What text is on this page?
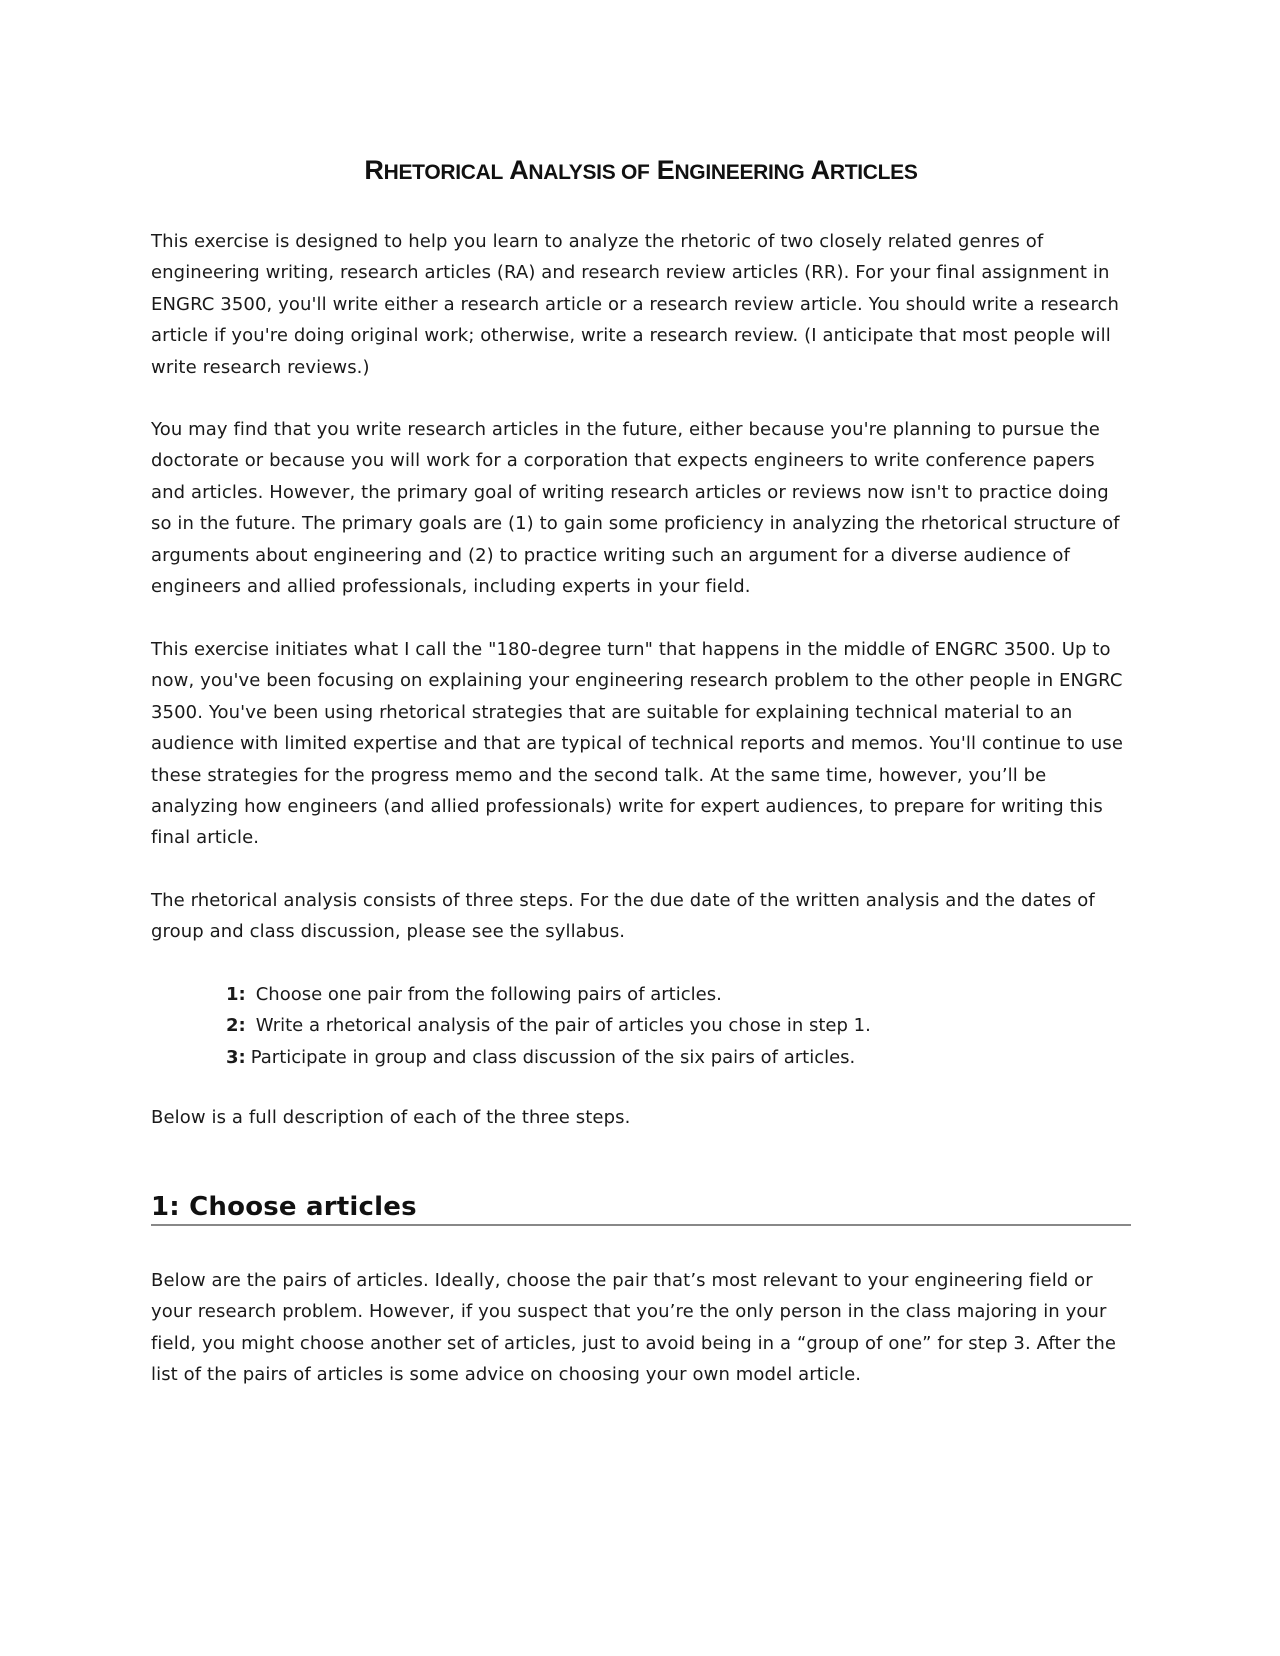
RHETORICAL ANALYSIS OF ENGINEERING ARTICLES

This exercise is designed to help you learn to analyze the rhetoric of two closely related genres of engineering writing, research articles (RA) and research review articles (RR). For your final assignment in ENGRC 3500, you'll write either a research article or a research review article. You should write a research article if you're doing original work; otherwise, write a research review. (I anticipate that most people will write research reviews.)

You may find that you write research articles in the future, either because you're planning to pursue the doctorate or because you will work for a corporation that expects engineers to write conference papers and articles. However, the primary goal of writing research articles or reviews now isn't to practice doing so in the future. The primary goals are (1) to gain some proficiency in analyzing the rhetorical structure of arguments about engineering and (2) to practice writing such an argument for a diverse audience of engineers and allied professionals, including experts in your field.

This exercise initiates what I call the "180-degree turn" that happens in the middle of ENGRC 3500. Up to now, you've been focusing on explaining your engineering research problem to the other people in ENGRC 3500. You've been using rhetorical strategies that are suitable for explaining technical material to an audience with limited expertise and that are typical of technical reports and memos. You'll continue to use these strategies for the progress memo and the second talk. At the same time, however, you’ll be analyzing how engineers (and allied professionals) write for expert audiences, to prepare for writing this final article.

The rhetorical analysis consists of three steps. For the due date of the written analysis and the dates of group and class discussion, please see the syllabus.

1: Choose one pair from the following pairs of articles.
2: Write a rhetorical analysis of the pair of articles you chose in step 1.
3: Participate in group and class discussion of the six pairs of articles.

Below is a full description of each of the three steps.

1: Choose articles

Below are the pairs of articles. Ideally, choose the pair that’s most relevant to your engineering field or your research problem. However, if you suspect that you’re the only person in the class majoring in your field, you might choose another set of articles, just to avoid being in a “group of one” for step 3. After the list of the pairs of articles is some advice on choosing your own model article.
